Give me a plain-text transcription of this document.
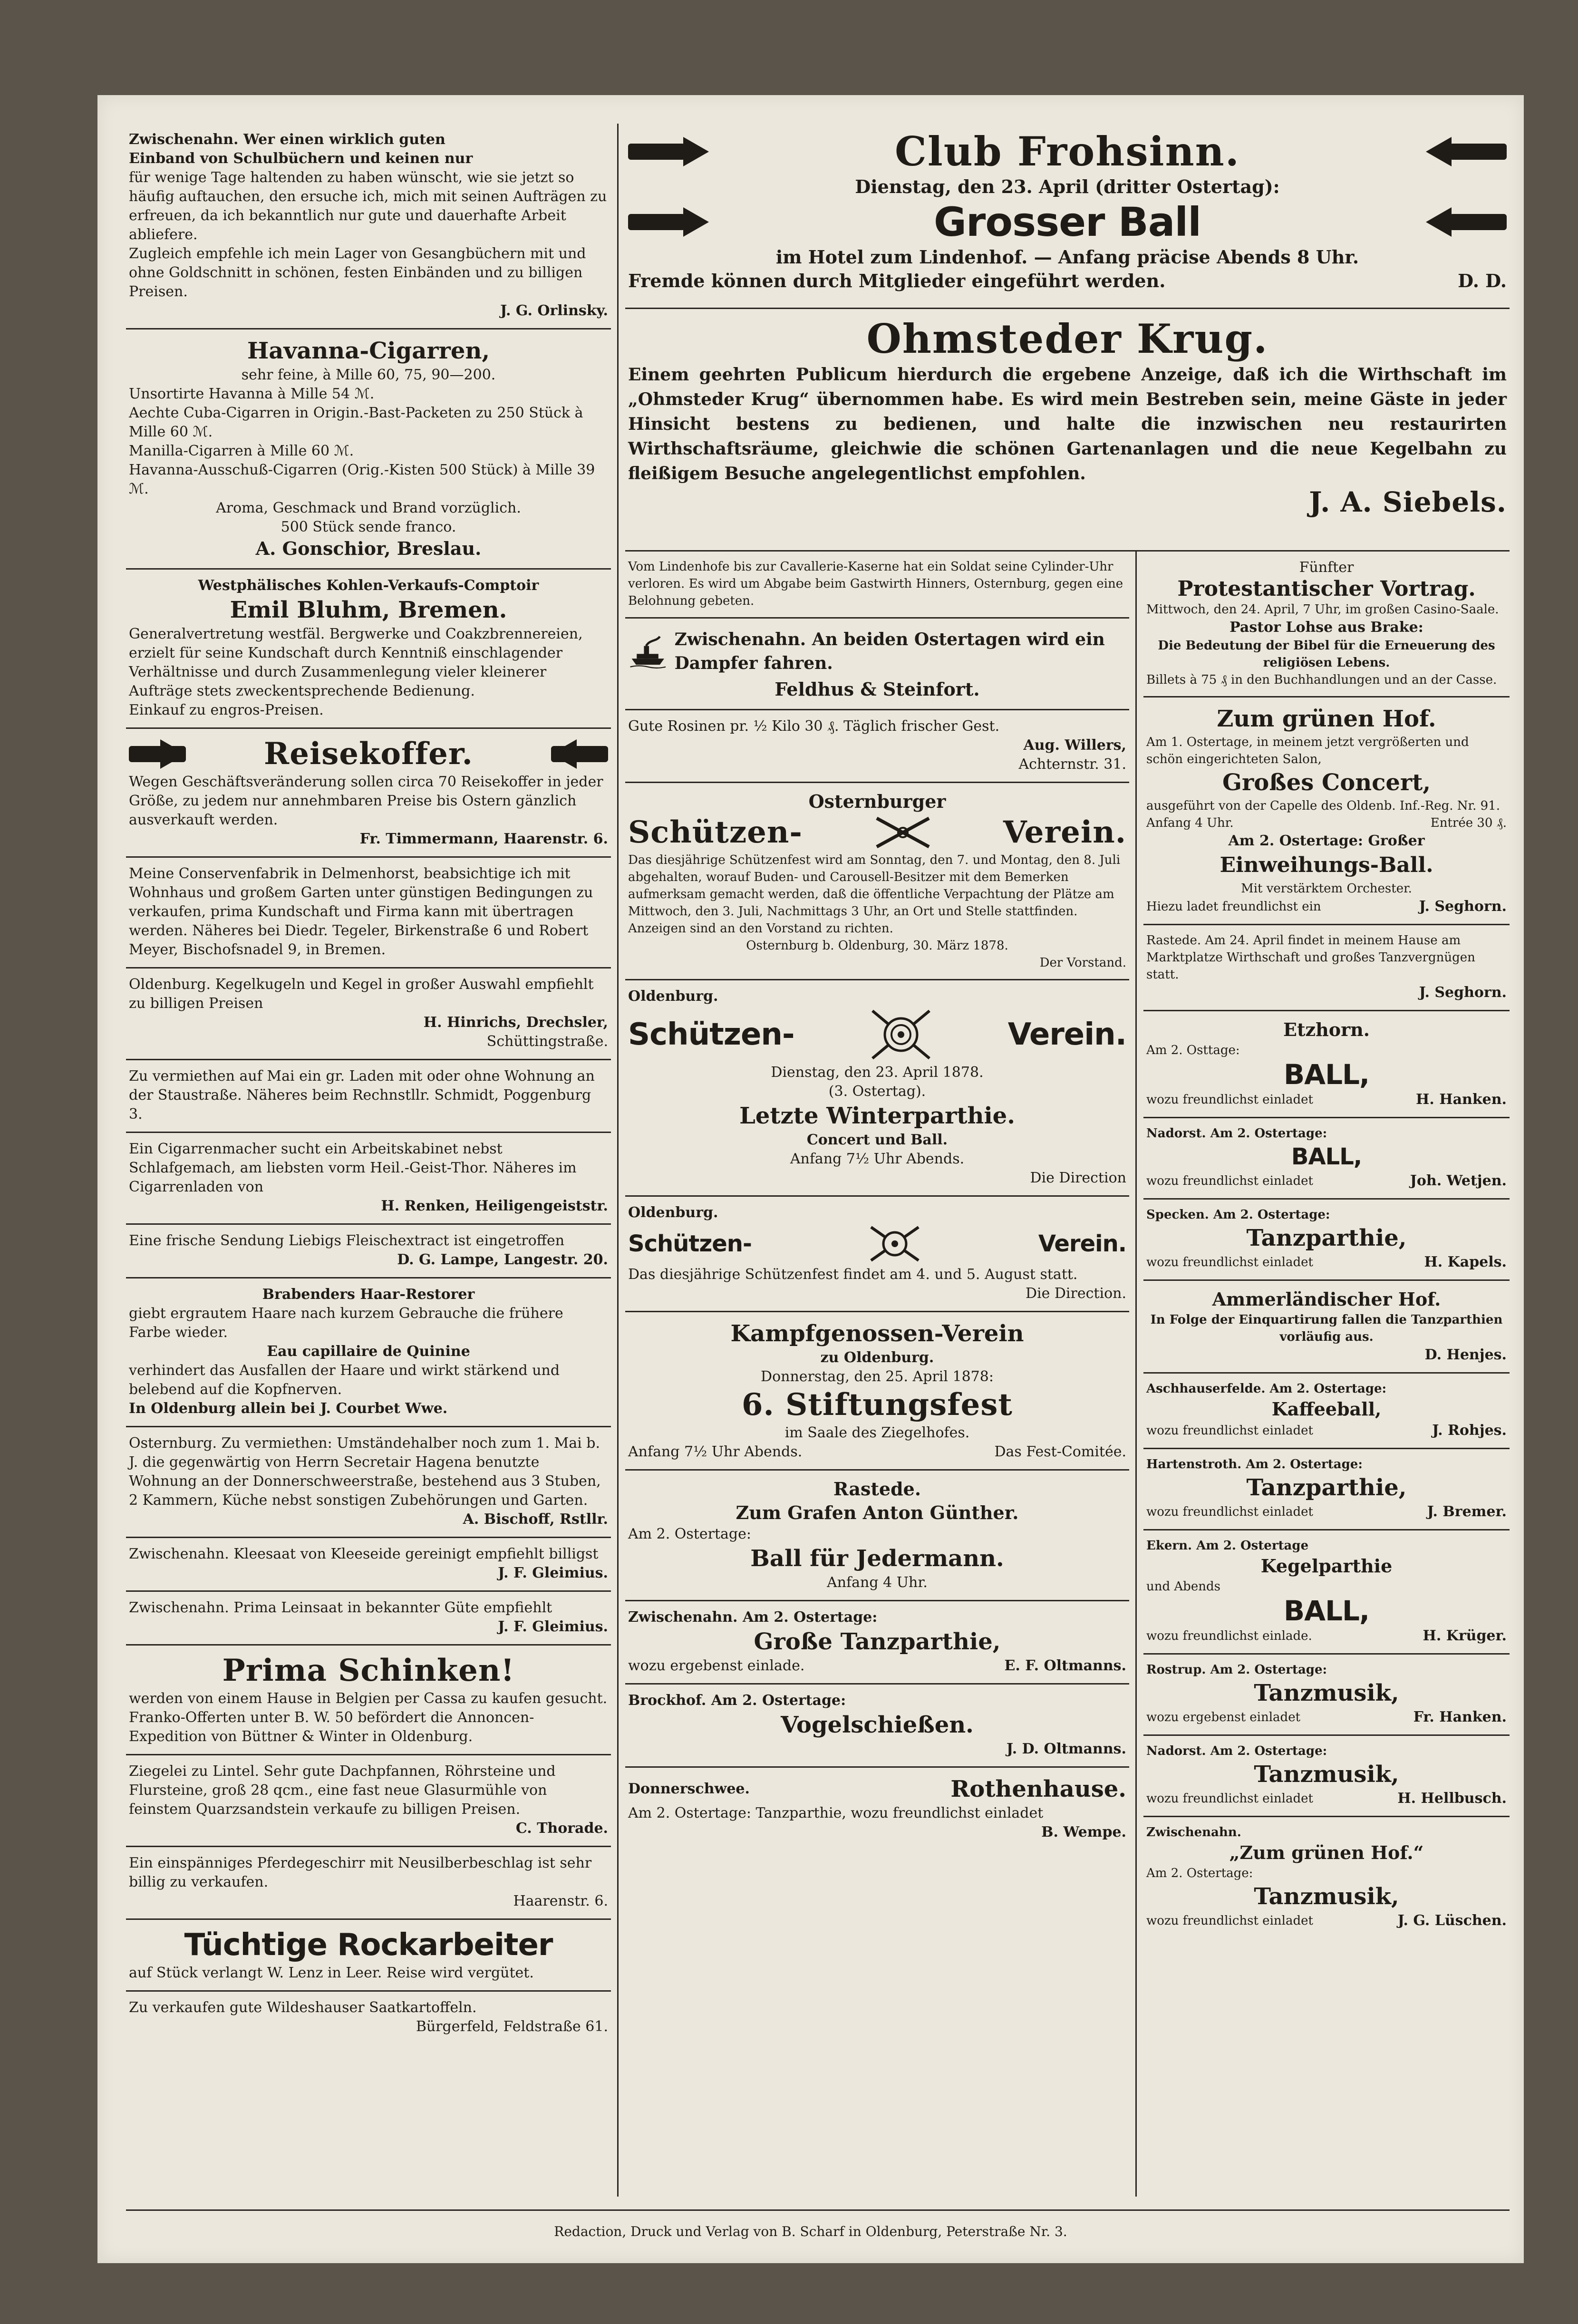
Club Frohsinn.
Dienstag, den 23. April (dritter Ostertag):
Grosser Ball
im Hotel zum Lindenhof. — Anfang präcise Abends 8 Uhr.
Fremde können durch Mitglieder eingeführt werden.	D. D.
Ohmsteder Krug.
Einem geehrten Publicum hierdurch die ergebene Anzeige, daß ich die Wirthschaft im „Ohmsteder Krug“ übernommen habe. Es wird mein Bestreben sein, meine Gäste in jeder Hinsicht bestens zu bedienen, und halte die inzwischen neu restaurirten Wirthschaftsräume, gleichwie die schönen Gartenanlagen und die neue Kegelbahn zu fleißigem Besuche angelegentlichst empfohlen.
J. A. Siebels.
Zwischenahn. Wer einen wirklich guten
Einband von Schulbüchern und keinen nur
für wenige Tage haltenden zu haben wünscht, wie sie jetzt so häufig auftauchen, den ersuche ich, mich mit seinen Aufträgen zu erfreuen, da ich bekanntlich nur gute und dauerhafte Arbeit abliefere.
Zugleich empfehle ich mein Lager von Gesangbüchern mit und ohne Goldschnitt in schönen, festen Einbänden und zu billigen Preisen.
J. G. Orlinsky.
Havanna-Cigarren,
sehr feine, à Mille 60, 75, 90—200.
Unsortirte Havanna à Mille 54 ℳ.
Aechte Cuba-Cigarren in Origin.-Bast-Packeten zu 250 Stück à Mille 60 ℳ.
Manilla-Cigarren à Mille 60 ℳ.
Havanna-Ausschuß-Cigarren (Orig.-Kisten 500 Stück) à Mille 39 ℳ.
Aroma, Geschmack und Brand vorzüglich.
500 Stück sende franco.
A. Gonschior, Breslau.
Westphälisches Kohlen-Verkaufs-Comptoir
Emil Bluhm, Bremen.
Generalvertretung westfäl. Bergwerke und Coakzbrennereien, erzielt für seine Kundschaft durch Kenntniß einschlagender Verhältnisse und durch Zusammenlegung vieler kleinerer Aufträge stets zweckentsprechende Bedienung.
Einkauf zu engros-Preisen.
Reisekoffer.
Wegen Geschäftsveränderung sollen circa 70 Reisekoffer in jeder Größe, zu jedem nur annehmbaren Preise bis Ostern gänzlich ausverkauft werden.
Fr. Timmermann, Haarenstr. 6.
Meine Conservenfabrik in Delmenhorst, beabsichtige ich mit Wohnhaus und großem Garten unter günstigen Bedingungen zu verkaufen, prima Kundschaft und Firma kann mit übertragen werden. Näheres bei Diedr. Tegeler, Birkenstraße 6 und Robert Meyer, Bischofsnadel 9, in Bremen.
Oldenburg. Kegelkugeln und Kegel in großer Auswahl empfiehlt zu billigen Preisen
H. Hinrichs, Drechsler,
Schüttingstraße.
Zu vermiethen auf Mai ein gr. Laden mit oder ohne Wohnung an der Staustraße. Näheres beim Rechnstllr. Schmidt, Poggenburg 3.
Ein Cigarrenmacher sucht ein Arbeitskabinet nebst Schlafgemach, am liebsten vorm Heil.-Geist-Thor. Näheres im Cigarrenladen von
H. Renken, Heiligengeiststr.
Eine frische Sendung Liebigs Fleischextract ist eingetroffen
D. G. Lampe, Langestr. 20.
Brabenders Haar-Restorer
giebt ergrautem Haare nach kurzem Gebrauche die frühere Farbe wieder.
Eau capillaire de Quinine
verhindert das Ausfallen der Haare und wirkt stärkend und belebend auf die Kopfnerven.
In Oldenburg allein bei J. Courbet Wwe.
Osternburg. Zu vermiethen: Umständehalber noch zum 1. Mai b. J. die gegenwärtig von Herrn Secretair Hagena benutzte Wohnung an der Donnerschweerstraße, bestehend aus 3 Stuben, 2 Kammern, Küche nebst sonstigen Zubehörungen und Garten.
A. Bischoff, Rstllr.
Zwischenahn. Kleesaat von Kleeseide gereinigt empfiehlt billigst
J. F. Gleimius.
Zwischenahn. Prima Leinsaat in bekannter Güte empfiehlt
J. F. Gleimius.
Prima Schinken!
werden von einem Hause in Belgien per Cassa zu kaufen gesucht. Franko-Offerten unter B. W. 50 befördert die Annoncen-Expedition von Büttner & Winter in Oldenburg.
Ziegelei zu Lintel. Sehr gute Dachpfannen, Röhrsteine und Flursteine, groß 28 qcm., eine fast neue Glasurmühle von feinstem Quarzsandstein verkaufe zu billigen Preisen.
C. Thorade.
Ein einspänniges Pferdegeschirr mit Neusilberbeschlag ist sehr billig zu verkaufen.
Haarenstr. 6.
Tüchtige Rockarbeiter
auf Stück verlangt W. Lenz in Leer. Reise wird vergütet.
Zu verkaufen gute Wildeshauser Saatkartoffeln.
Bürgerfeld, Feldstraße 61.
Vom Lindenhofe bis zur Cavallerie-Kaserne hat ein Soldat seine Cylinder-Uhr verloren. Es wird um Abgabe beim Gastwirth Hinners, Osternburg, gegen eine Belohnung gebeten.
Zwischenahn. An beiden Ostertagen wird ein Dampfer fahren.
Feldhus & Steinfort.
Gute Rosinen pr. ½ Kilo 30 ₰. Täglich frischer Gest.
Aug. Willers,
Achternstr. 31.
Osternburger
Schützen-	Verein.
Das diesjährige Schützenfest wird am Sonntag, den 7. und Montag, den 8. Juli abgehalten, worauf Buden- und Carousell-Besitzer mit dem Bemerken aufmerksam gemacht werden, daß die öffentliche Verpachtung der Plätze am Mittwoch, den 3. Juli, Nachmittags 3 Uhr, an Ort und Stelle stattfinden. Anzeigen sind an den Vorstand zu richten.
Osternburg b. Oldenburg, 30. März 1878.
Der Vorstand.
Oldenburg.
Schützen-	Verein.
Dienstag, den 23. April 1878.
(3. Ostertag).
Letzte Winterparthie.
Concert und Ball.
Anfang 7½ Uhr Abends.
Die Direction
Oldenburg.
Schützen-	Verein.
Das diesjährige Schützenfest findet am 4. und 5. August statt.
Die Direction.
Kampfgenossen-Verein
zu Oldenburg.
Donnerstag, den 25. April 1878:
6. Stiftungsfest
im Saale des Ziegelhofes.
Anfang 7½ Uhr Abends.	Das Fest-Comitée.
Rastede.
Zum Grafen Anton Günther.
Am 2. Ostertage:
Ball für Jedermann.
Anfang 4 Uhr.
Zwischenahn. Am 2. Ostertage:
Große Tanzparthie,
wozu ergebenst einlade.	E. F. Oltmanns.
Brockhof. Am 2. Ostertage:
Vogelschießen.
J. D. Oltmanns.
Donnerschwee.	Rothenhause.
Am 2. Ostertage: Tanzparthie, wozu freundlichst einladet
B. Wempe.
Fünfter
Protestantischer Vortrag.
Mittwoch, den 24. April, 7 Uhr, im großen Casino-Saale.
Pastor Lohse aus Brake:
Die Bedeutung der Bibel für die Erneuerung des religiösen Lebens.
Billets à 75 ₰ in den Buchhandlungen und an der Casse.
Zum grünen Hof.
Am 1. Ostertage, in meinem jetzt vergrößerten und schön eingerichteten Salon,
Großes Concert,
ausgeführt von der Capelle des Oldenb. Inf.-Reg. Nr. 91.
Anfang 4 Uhr.	Entrée 30 ₰.
Am 2. Ostertage: Großer
Einweihungs-Ball.
Mit verstärktem Orchester.
Hiezu ladet freundlichst ein	J. Seghorn.
Rastede. Am 24. April findet in meinem Hause am Marktplatze Wirthschaft und großes Tanzvergnügen statt.
J. Seghorn.
Etzhorn.
Am 2. Osttage:
BALL,
wozu freundlichst einladet	H. Hanken.
Nadorst. Am 2. Ostertage:
BALL,
wozu freundlichst einladet	Joh. Wetjen.
Specken. Am 2. Ostertage:
Tanzparthie,
wozu freundlichst einladet	H. Kapels.
Ammerländischer Hof.
In Folge der Einquartirung fallen die Tanzparthien vorläufig aus.
D. Henjes.
Aschhauserfelde. Am 2. Ostertage:
Kaffeeball,
wozu freundlichst einladet	J. Rohjes.
Hartenstroth. Am 2. Ostertage:
Tanzparthie,
wozu freundlichst einladet	J. Bremer.
Ekern. Am 2. Ostertage
Kegelparthie
und Abends
BALL,
wozu freundlichst einlade.	H. Krüger.
Rostrup. Am 2. Ostertage:
Tanzmusik,
wozu ergebenst einladet	Fr. Hanken.
Nadorst. Am 2. Ostertage:
Tanzmusik,
wozu freundlichst einladet	H. Hellbusch.
Zwischenahn.
„Zum grünen Hof.“
Am 2. Ostertage:
Tanzmusik,
wozu freundlichst einladet	J. G. Lüschen.
Redaction, Druck und Verlag von B. Scharf in Oldenburg, Peterstraße Nr. 3.
